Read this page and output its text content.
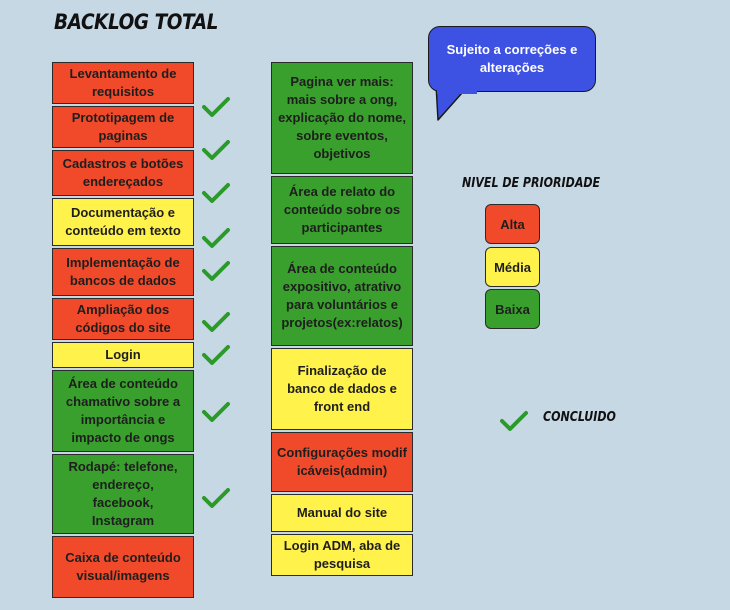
BACKLOG TOTAL
Levantamento de requisitos
Prototipagem de paginas
Cadastros e botões endereçados
Documentação e conteúdo em texto
Implementação de bancos de dados
Ampliação dos códigos do site
Login
Área de conteúdo chamativo sobre a importância e impacto de ongs
Rodapé: telefone, endereço, facebook, Instagram
Caixa de conteúdo visual/imagens
Pagina ver mais: mais sobre a ong, explicação do nome, sobre eventos, objetivos
Área de relato do conteúdo sobre os participantes
Área de conteúdo expositivo, atrativo para voluntários e projetos(ex:relatos)
Finalização de banco de dados e front end
Configurações modificáveis(admin)
Manual do site
Login ADM, aba de pesquisa
Sujeito a correções e alterações
NIVEL DE PRIORIDADE
Alta
Média
Baixa
CONCLUIDO
